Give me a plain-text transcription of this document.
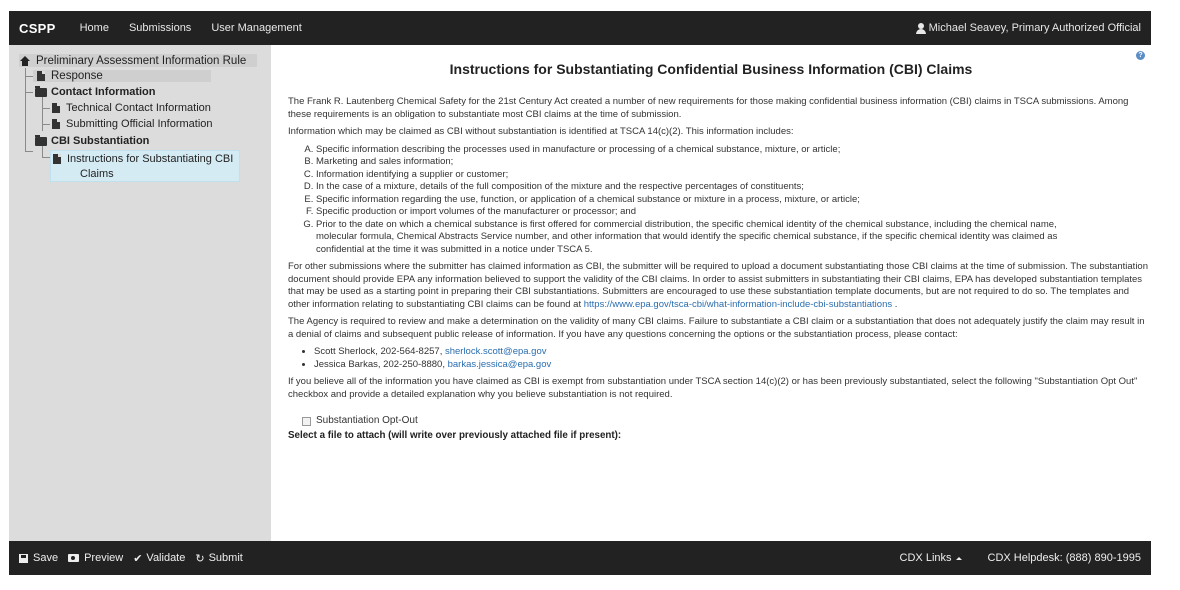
CSPP Home Submissions User Management	Michael Seavey, Primary Authorized Official
Preliminary Assessment Information Rule
Response
Contact Information
Technical Contact Information
Submitting Official Information
CBI Substantiation
Instructions for Substantiating CBI
Claims
?
Instructions for Substantiating Confidential Business Information (CBI) Claims

The Frank R. Lautenberg Chemical Safety for the 21st Century Act created a number of new requirements for those making confidential business information (CBI) claims in TSCA submissions. Among these requirements is an obligation to substantiate most CBI claims at the time of submission.

Information which may be claimed as CBI without substantiation is identified at TSCA 14(c)(2). This information includes:

A. Specific information describing the processes used in manufacture or processing of a chemical substance, mixture, or article;
B. Marketing and sales information;
C. Information identifying a supplier or customer;
D. In the case of a mixture, details of the full composition of the mixture and the respective percentages of constituents;
E. Specific information regarding the use, function, or application of a chemical substance or mixture in a process, mixture, or article;
F. Specific production or import volumes of the manufacturer or processor; and
G. Prior to the date on which a chemical substance is first offered for commercial distribution, the specific chemical identity of the chemical substance, including the chemical name, molecular formula, Chemical Abstracts Service number, and other information that would identify the specific chemical substance, if the specific chemical identity was claimed as confidential at the time it was submitted in a notice under TSCA 5.

For other submissions where the submitter has claimed information as CBI, the submitter will be required to upload a document substantiating those CBI claims at the time of submission. The substantiation document should provide EPA any information believed to support the validity of the CBI claims. In order to assist submitters in substantiating their CBI claims, EPA has developed substantiation templates that may be used as a starting point in preparing their CBI substantiations. Submitters are encouraged to use these substantiation template documents, but are not required to do so. The templates and other information relating to substantiating CBI claims can be found at https://www.epa.gov/tsca-cbi/what-information-include-cbi-substantiations .

The Agency is required to review and make a determination on the validity of many CBI claims. Failure to substantiate a CBI claim or a substantiation that does not adequately justify the claim may result in a denial of claims and subsequent public release of information. If you have any questions concerning the options or the substantiation process, please contact:

• Scott Sherlock, 202-564-8257, sherlock.scott@epa.gov
• Jessica Barkas, 202-250-8880, barkas.jessica@epa.gov

If you believe all of the information you have claimed as CBI is exempt from substantiation under TSCA section 14(c)(2) or has been previously substantiated, select the following "Substantiation Opt Out" checkbox and provide a detailed explanation why you believe substantiation is not required.

Substantiation Opt-Out
Select a file to attach (will write over previously attached file if present):
Save Preview ✔ Validate ↻ Submit	CDX Links	CDX Helpdesk: (888) 890-1995
